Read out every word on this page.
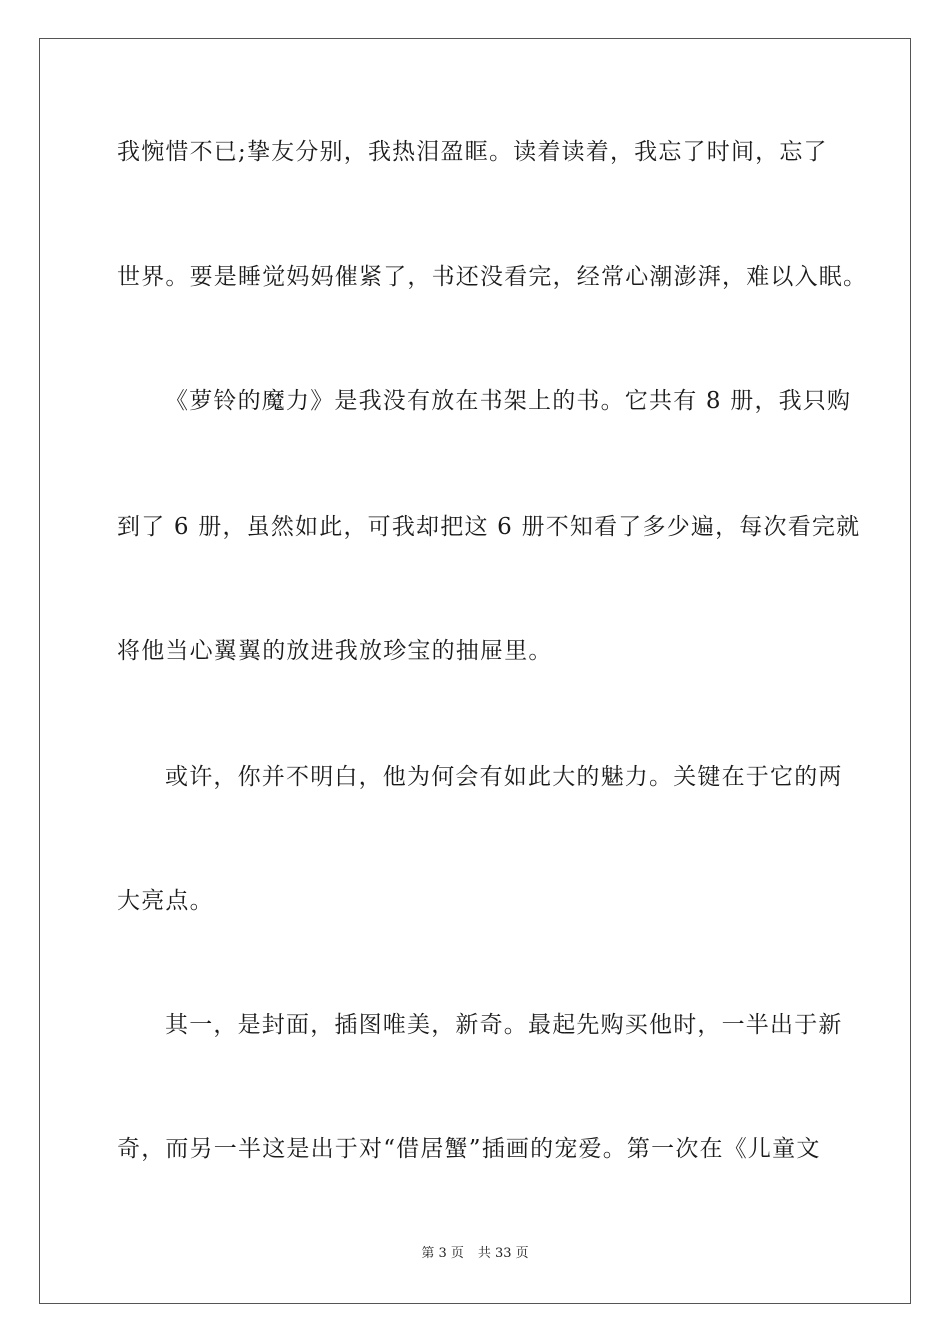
我惋惜不已;挚友分别，我热泪盈眶。读着读着，我忘了时间，忘了
世界。要是睡觉妈妈催紧了，书还没看完，经常心潮澎湃，难以入眠。
《萝铃的魔力》是我没有放在书架上的书。它共有 8 册，我只购
到了 6 册，虽然如此，可我却把这 6 册不知看了多少遍，每次看完就
将他当心翼翼的放进我放珍宝的抽屉里。
或许，你并不明白，他为何会有如此大的魅力。关键在于它的两
大亮点。
其一，是封面，插图唯美，新奇。最起先购买他时，一半出于新
奇，而另一半这是出于对“借居蟹”插画的宠爱。第一次在《儿童文
第 3 页 共 33 页
